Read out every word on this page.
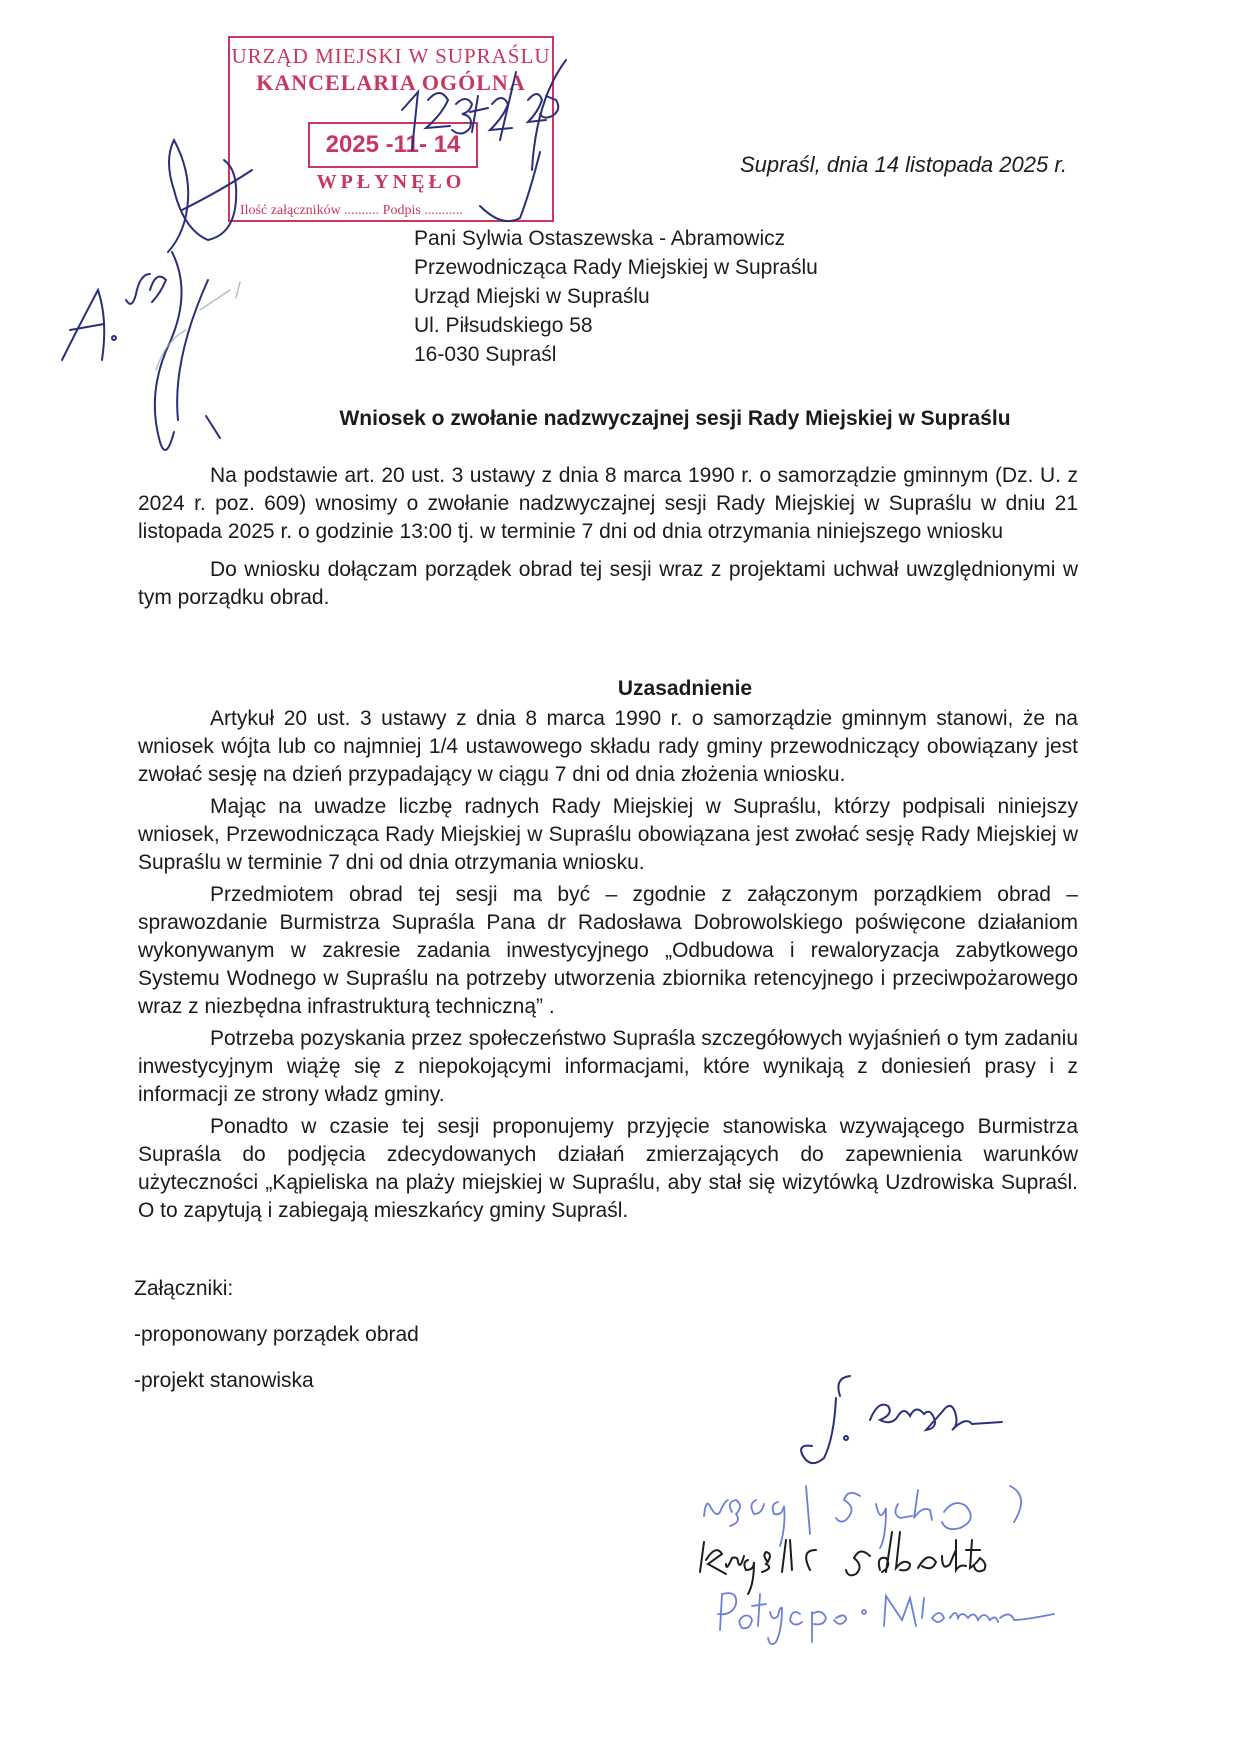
URZĄD MIEJSKI W SUPRAŚLU
KANCELARIA OGÓLNA
2025 -11- 14
WPŁYNĘŁO
Ilość załączników .......... Podpis ...........
Supraśl, dnia 14 listopada 2025 r.
Pani Sylwia Ostaszewska - Abramowicz
Przewodnicząca Rady Miejskiej w Supraślu
Urząd Miejski w Supraślu
Ul. Piłsudskiego 58
16-030 Supraśl
Wniosek o zwołanie nadzwyczajnej sesji Rady Miejskiej w Supraślu

Na podstawie art. 20 ust. 3 ustawy z dnia 8 marca 1990 r. o samorządzie gminnym (Dz. U. z 2024 r. poz. 609) wnosimy o zwołanie nadzwyczajnej sesji Rady Miejskiej w Supraślu w dniu 21 listopada 2025 r. o godzinie 13:00 tj. w terminie 7 dni od dnia otrzymania niniejszego wniosku

Do wniosku dołączam porządek obrad tej sesji wraz z projektami uchwał uwzględnionymi w tym porządku obrad.

Uzasadnienie

Artykuł 20 ust. 3 ustawy z dnia 8 marca 1990 r. o samorządzie gminnym stanowi, że na wniosek wójta lub co najmniej 1/4 ustawowego składu rady gminy przewodniczący obowiązany jest zwołać sesję na dzień przypadający w ciągu 7 dni od dnia złożenia wniosku.

Mając na uwadze liczbę radnych Rady Miejskiej w Supraślu, którzy podpisali niniejszy wniosek, Przewodnicząca Rady Miejskiej w Supraślu obowiązana jest zwołać sesję Rady Miejskiej w Supraślu w terminie 7 dni od dnia otrzymania wniosku.

Przedmiotem obrad tej sesji ma być – zgodnie z załączonym porządkiem obrad – sprawozdanie Burmistrza Supraśla Pana dr Radosława Dobrowolskiego poświęcone działaniom wykonywanym w zakresie zadania inwestycyjnego „Odbudowa i rewaloryzacja zabytkowego Systemu Wodnego w Supraślu na potrzeby utworzenia zbiornika retencyjnego i przeciwpożarowego wraz z niezbędna infrastrukturą techniczną” .

Potrzeba pozyskania przez społeczeństwo Supraśla szczegółowych wyjaśnień o tym zadaniu inwestycyjnym wiążę się z niepokojącymi informacjami, które wynikają z doniesień prasy i z informacji ze strony władz gminy.

Ponadto w czasie tej sesji proponujemy przyjęcie stanowiska wzywającego Burmistrza Supraśla do podjęcia zdecydowanych działań zmierzających do zapewnienia warunków użyteczności „Kąpieliska na plaży miejskiej w Supraślu, aby stał się wizytówką Uzdrowiska Supraśl. O to zapytują i zabiegają mieszkańcy gminy Supraśl.

Załączniki:
-proponowany porządek obrad
-projekt stanowiska
